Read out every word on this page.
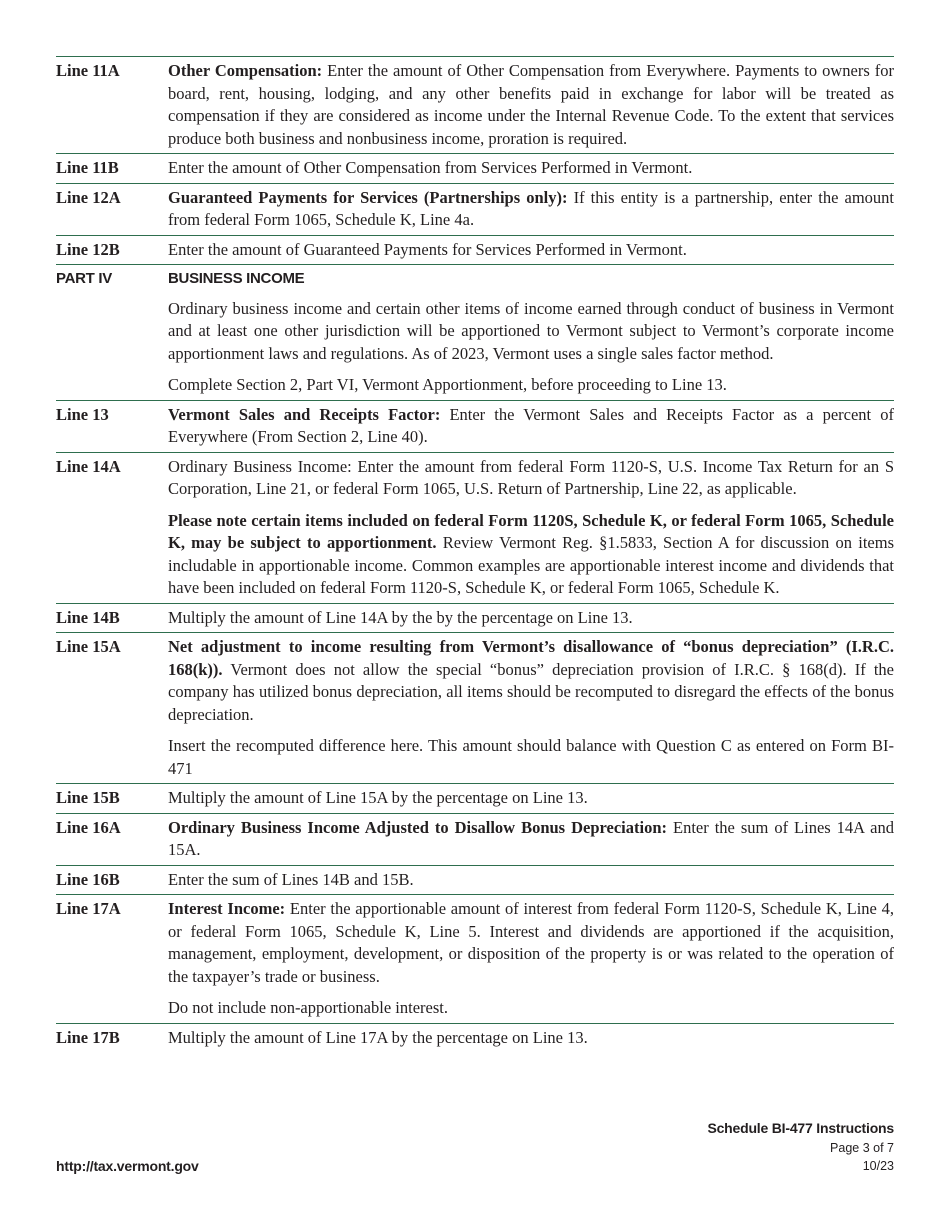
Line 11A	Other Compensation: Enter the amount of Other Compensation from Everywhere. Payments to owners for board, rent, housing, lodging, and any other benefits paid in exchange for labor will be treated as compensation if they are considered as income under the Internal Revenue Code. To the extent that services produce both business and nonbusiness income, proration is required.

Line 11B	Enter the amount of Other Compensation from Services Performed in Vermont.

Line 12A	Guaranteed Payments for Services (Partnerships only): If this entity is a partnership, enter the amount from federal Form 1065, Schedule K, Line 4a.

Line 12B	Enter the amount of Guaranteed Payments for Services Performed in Vermont.

PART IV	BUSINESS INCOME

Ordinary business income and certain other items of income earned through conduct of business in Vermont and at least one other jurisdiction will be apportioned to Vermont subject to Vermont’s corporate income apportionment laws and regulations. As of 2023, Vermont uses a single sales factor method.

Complete Section 2, Part VI, Vermont Apportionment, before proceeding to Line 13.

Line 13	Vermont Sales and Receipts Factor: Enter the Vermont Sales and Receipts Factor as a percent of Everywhere (From Section 2, Line 40).

Line 14A	Ordinary Business Income: Enter the amount from federal Form 1120-S, U.S. Income Tax Return for an S Corporation, Line 21, or federal Form 1065, U.S. Return of Partnership, Line 22, as applicable.

Please note certain items included on federal Form 1120S, Schedule K, or federal Form 1065, Schedule K, may be subject to apportionment. Review Vermont Reg. §1.5833, Section A for discussion on items includable in apportionable income. Common examples are apportionable interest income and dividends that have been included on federal Form 1120-S, Schedule K, or federal Form 1065, Schedule K.

Line 14B	Multiply the amount of Line 14A by the by the percentage on Line 13.

Line 15A	Net adjustment to income resulting from Vermont’s disallowance of “bonus depreciation” (I.R.C. 168(k)). Vermont does not allow the special “bonus” depreciation provision of I.R.C. § 168(d). If the company has utilized bonus depreciation, all items should be recomputed to disregard the effects of the bonus depreciation.

Insert the recomputed difference here. This amount should balance with Question C as entered on Form BI-471

Line 15B	Multiply the amount of Line 15A by the percentage on Line 13.

Line 16A	Ordinary Business Income Adjusted to Disallow Bonus Depreciation: Enter the sum of Lines 14A and 15A.

Line 16B	Enter the sum of Lines 14B and 15B.

Line 17A	Interest Income: Enter the apportionable amount of interest from federal Form 1120-S, Schedule K, Line 4, or federal Form 1065, Schedule K, Line 5. Interest and dividends are apportioned if the acquisition, management, employment, development, or disposition of the property is or was related to the operation of the taxpayer’s trade or business.

Do not include non-apportionable interest.

Line 17B	Multiply the amount of Line 17A by the percentage on Line 13.

Schedule BI-477 Instructions
Page 3 of 7
10/23
http://tax.vermont.gov
